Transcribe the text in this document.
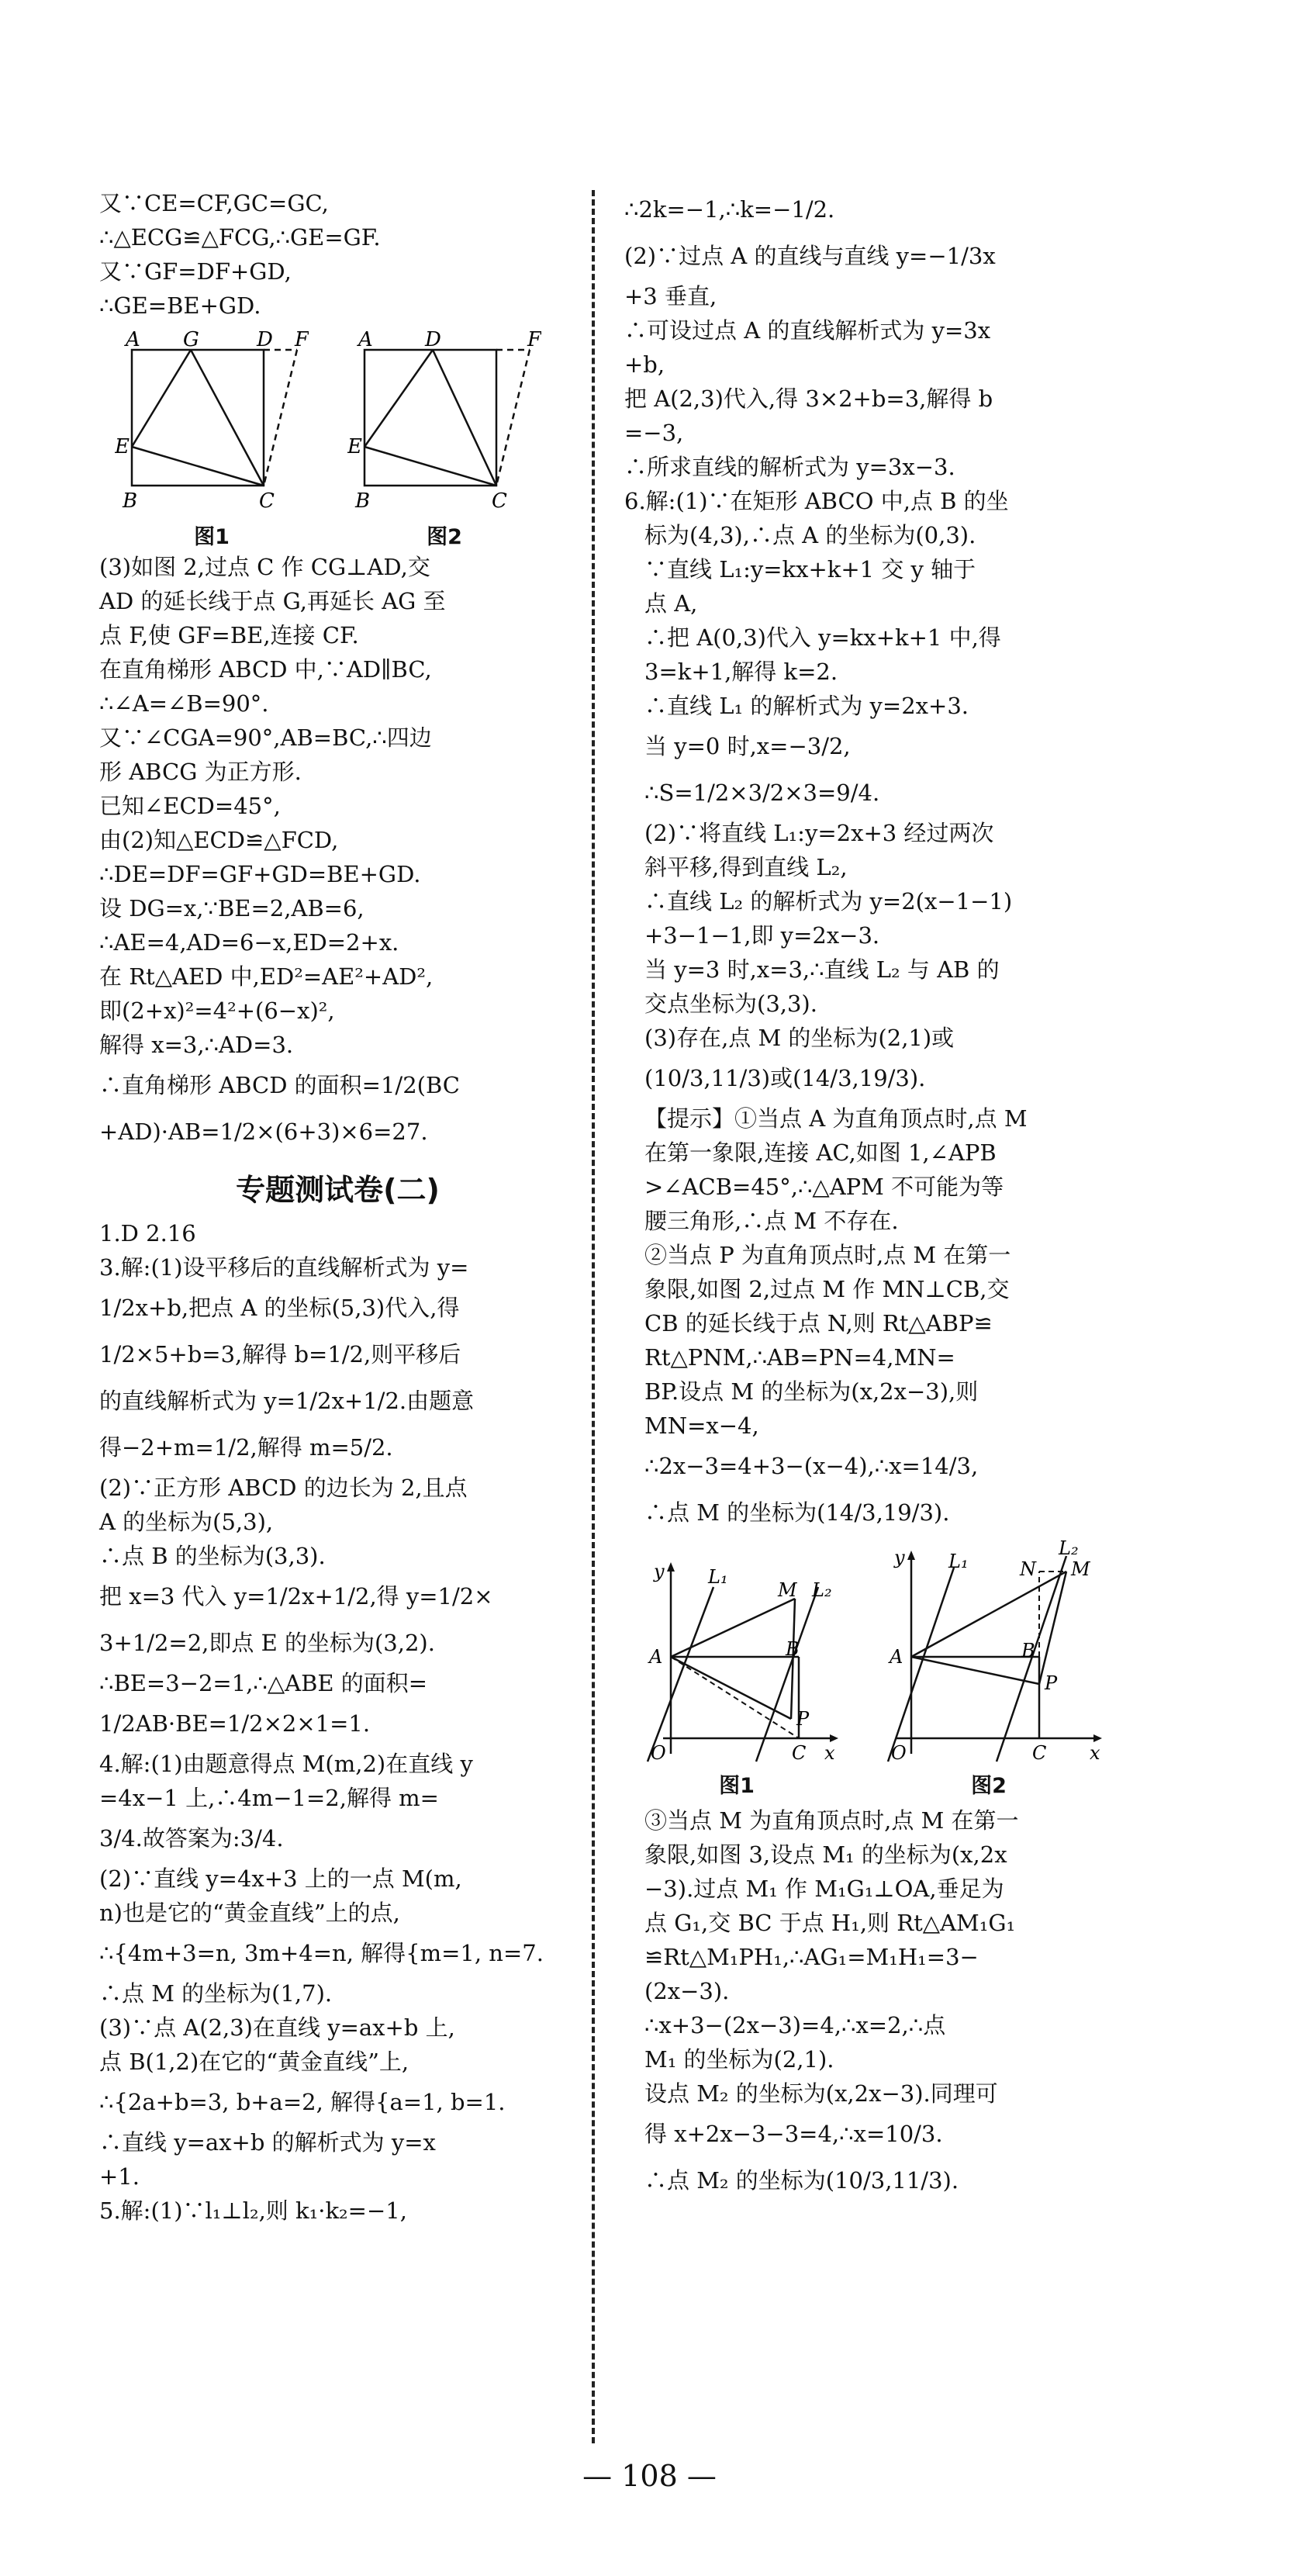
又∵CE=CF,GC=GC,
∴△ECG≌△FCG,∴GE=GF.
又∵GF=DF+GD,
∴GE=BE+GD.
A G	D F
E
B	C
图1
A	D	F
E
B	C
图2
(3)如图 2,过点 C 作 CG⊥AD,交
AD 的延长线于点 G,再延长 AG 至
点 F,使 GF=BE,连接 CF.
在直角梯形 ABCD 中,∵AD∥BC,
∴∠A=∠B=90°.
又∵∠CGA=90°,AB=BC,∴四边
形 ABCG 为正方形.
已知∠ECD=45°,
由(2)知△ECD≌△FCD,
∴DE=DF=GF+GD=BE+GD.
设 DG=x,∵BE=2,AB=6,
∴AE=4,AD=6−x,ED=2+x.
在 Rt△AED 中,ED²=AE²+AD²,
即(2+x)²=4²+(6−x)²,
解得 x=3,∴AD=3.
∴直角梯形 ABCD 的面积=1/2(BC
+AD)·AB=1/2×(6+3)×6=27.
专题测试卷(二)
1.D 2.16
3.解:(1)设平移后的直线解析式为 y=
1/2x+b,把点 A 的坐标(5,3)代入,得
1/2×5+b=3,解得 b=1/2,则平移后
的直线解析式为 y=1/2x+1/2.由题意
得−2+m=1/2,解得 m=5/2.
(2)∵正方形 ABCD 的边长为 2,且点
A 的坐标为(5,3),
∴点 B 的坐标为(3,3).
把 x=3 代入 y=1/2x+1/2,得 y=1/2×
3+1/2=2,即点 E 的坐标为(3,2).
∴BE=3−2=1,∴△ABE 的面积=
1/2AB·BE=1/2×2×1=1.
4.解:(1)由题意得点 M(m,2)在直线 y
=4x−1 上,∴4m−1=2,解得 m=
3/4.故答案为:3/4.
(2)∵直线 y=4x+3 上的一点 M(m,
n)也是它的“黄金直线”上的点,
∴{4m+3=n, 3m+4=n, 解得{m=1, n=7.
∴点 M 的坐标为(1,7).
(3)∵点 A(2,3)在直线 y=ax+b 上,
点 B(1,2)在它的“黄金直线”上,
∴{2a+b=3, b+a=2, 解得{a=1, b=1.
∴直线 y=ax+b 的解析式为 y=x
+1.
5.解:(1)∵l₁⊥l₂,则 k₁·k₂=−1,
∴2k=−1,∴k=−1/2.
(2)∵过点 A 的直线与直线 y=−1/3x
+3 垂直,
∴可设过点 A 的直线解析式为 y=3x
+b,
把 A(2,3)代入,得 3×2+b=3,解得 b
=−3,
∴所求直线的解析式为 y=3x−3.
6.解:(1)∵在矩形 ABCO 中,点 B 的坐
标为(4,3),∴点 A 的坐标为(0,3).
∵直线 L₁:y=kx+k+1 交 y 轴于
点 A,
∴把 A(0,3)代入 y=kx+k+1 中,得
3=k+1,解得 k=2.
∴直线 L₁ 的解析式为 y=2x+3.
当 y=0 时,x=−3/2,
∴S=1/2×3/2×3=9/4.
(2)∵将直线 L₁:y=2x+3 经过两次
斜平移,得到直线 L₂,
∴直线 L₂ 的解析式为 y=2(x−1−1)
+3−1−1,即 y=2x−3.
当 y=3 时,x=3,∴直线 L₂ 与 AB 的
交点坐标为(3,3).
(3)存在,点 M 的坐标为(2,1)或
(10/3,11/3)或(14/3,19/3).
【提示】①当点 A 为直角顶点时,点 M
在第一象限,连接 AC,如图 1,∠APB
>∠ACB=45°,∴△APM 不可能为等
腰三角形,∴点 M 不存在.
②当点 P 为直角顶点时,点 M 在第一
象限,如图 2,过点 M 作 MN⊥CB,交
CB 的延长线于点 N,则 Rt△ABP≌
Rt△PNM,∴AB=PN=4,MN=
BP.设点 M 的坐标为(x,2x−3),则
MN=x−4,
∴2x−3=4+3−(x−4),∴x=14/3,
∴点 M 的坐标为(14/3,19/3).
y L₁
M L₂
A	B
P
O	C x
图1
y L₁	N M
L₂
A	B
P
O	C x
图2
③当点 M 为直角顶点时,点 M 在第一
象限,如图 3,设点 M₁ 的坐标为(x,2x
−3).过点 M₁ 作 M₁G₁⊥OA,垂足为
点 G₁,交 BC 于点 H₁,则 Rt△AM₁G₁
≌Rt△M₁PH₁,∴AG₁=M₁H₁=3−
(2x−3).
∴x+3−(2x−3)=4,∴x=2,∴点
M₁ 的坐标为(2,1).
设点 M₂ 的坐标为(x,2x−3).同理可
得 x+2x−3−3=4,∴x=10/3.
∴点 M₂ 的坐标为(10/3,11/3).
— 108 —
